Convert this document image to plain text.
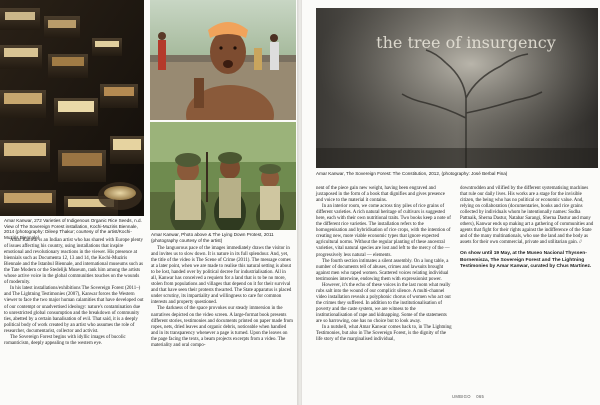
Amar Kanwar, 272 Varieties of Indigenous Organic Rice Seeds, n.d. View of The Sovereign Forest installation, Kochi-Muziris Biennale, 2014 (photography: Dileep Thakur; courtesy of the artist/Kochi-Muziris Biennale)
Amar Kanwar, Photo above & The Lying Down Protest, 2011 (photography courtesy of the artist)

Amar Kanwar is an Indian artist who has shared with Europe plenty of issues affecting his country, using installations that inspire emotional and revolutionary reactions in the viewer. His presence at biennials such as Documenta 12, 13 and 14, the Kochi-Muziris Biennale and the Istanbul Biennale, and international museums such as the Tate Modern or the Stedelijk Museum, rank him among the artists whose active voice in the global communities touches on the wounds of modernity.

In his latest installations/exhibitions The Sovereign Forest (2011–) and The Lightning Testimonies (2007), Kanwar forces the Western viewer to face the two major human calamities that have developed out of our contempt or unadvertised ideology: nature's contamination due to unrestricted global consumption and the breakdown of community ties, abetted by a certain banalisation of evil. That said, it is a deeply political body of work created by an artist who assumes the role of researcher, documentarist, collector and activist.

The Sovereign Forest begins with idyllic images of bucolic romanticism, deeply appealing to the western eye.

The languorous pace of the images immediately draws the visitor in and invites us to slow down. It is nature in its full splendour. And, yet, the title of the video is The Scene of Crime (2011). The message comes at a later point, when we are made to realise this natural setting is about to be lost, handed over by political decree for industrialisation. All in all, Kanwar has conceived a requiem for a land that is to be no more, stolen from populations and villages that depend on it for their survival and that have seen their protests thwarted. The State apparatus is placed under scrutiny, its impartiality and willingness to care for common interests and property questioned.

The darkness of the space provokes our steady immersion in the narratives depicted on the video screen. A large-format book presents different stories, testimonies and documents printed on paper made from ropes, nets, dried leaves and organic debris, noticeable when handled and in its transparency whenever a page is turned. Upon the leaves on the page facing the texts, a beam projects excerpts from a video. The materiality and oral compo-

the tree of insurgency
Amar Kanwar, The Sovereign Forest: The Constitution, 2012, (photography: José Berbal Pina)

nent of the piece gain new weight, having been engraved and juxtaposed in the form of a book that dignifies and gives presence and voice to the material it contains.

In an interior room, we come across tiny piles of rice grains of different varieties. A rich natural heritage of cultivars is suggested here, each with their own nutritional traits. Two books keep a note of the different rice varieties. The installation refers to the homogenisation and hybridisation of rice crops, with the intention of creating new, more viable economic types that ignore expected agricultural norms. Without the regular planting of these ancestral varieties, vital natural species are lost and left to the mercy of the — progressively less natural — elements.

The fourth section intimates a silent assembly. On a long table, a number of documents tell of abuses, crimes and lawsuits brought against men who raped women. Scattered voices relating individual testimonies interwine, endowing them with expressionist power.

However, it's the echo of these voices in the last room what really rubs salt into the wound of our complicit silence. A multi-channel video installation reveals a polyphonic chorus of women who act out the crimes they suffered. In addition to the institutionalisation of poverty and the caste system, we are witness to the institutionalisation of rape and kidnapping. Some of the statements are so harrowing, one has no choice but to look away.

In a nutshell, what Amar Kanwar comes back to, in The Lightning Testimonies, but also in The Sovereign Forest, is the dignity of the life story of the marginalised individual,

downtrodden and vilified by the different systematising machines that rule our daily lives. His works are a stage for the invisible citizen, the being who has no political or economic value. And, relying on collaboration (documentaries, books and rice grains collected by individuals whom he intentionally names: Sudha Pattnaik, Sherna Dastur, Natabar Sarangi, Sherna Dastur and many others), Kanwar ends up making art a gathering of communities and agents that fight for their rights against the indifference of the State and of the many multinationals, who use the land and the body as assets for their own commercial, private and utilitarian gain. //

On show until 19 May, at the Museo Nacional Thyssen-Bornemisza, The Sovereign Forest and The Lightning Testimonies by Amar Kanwar, curated by Chus Martínez.

UMBIGO 065
